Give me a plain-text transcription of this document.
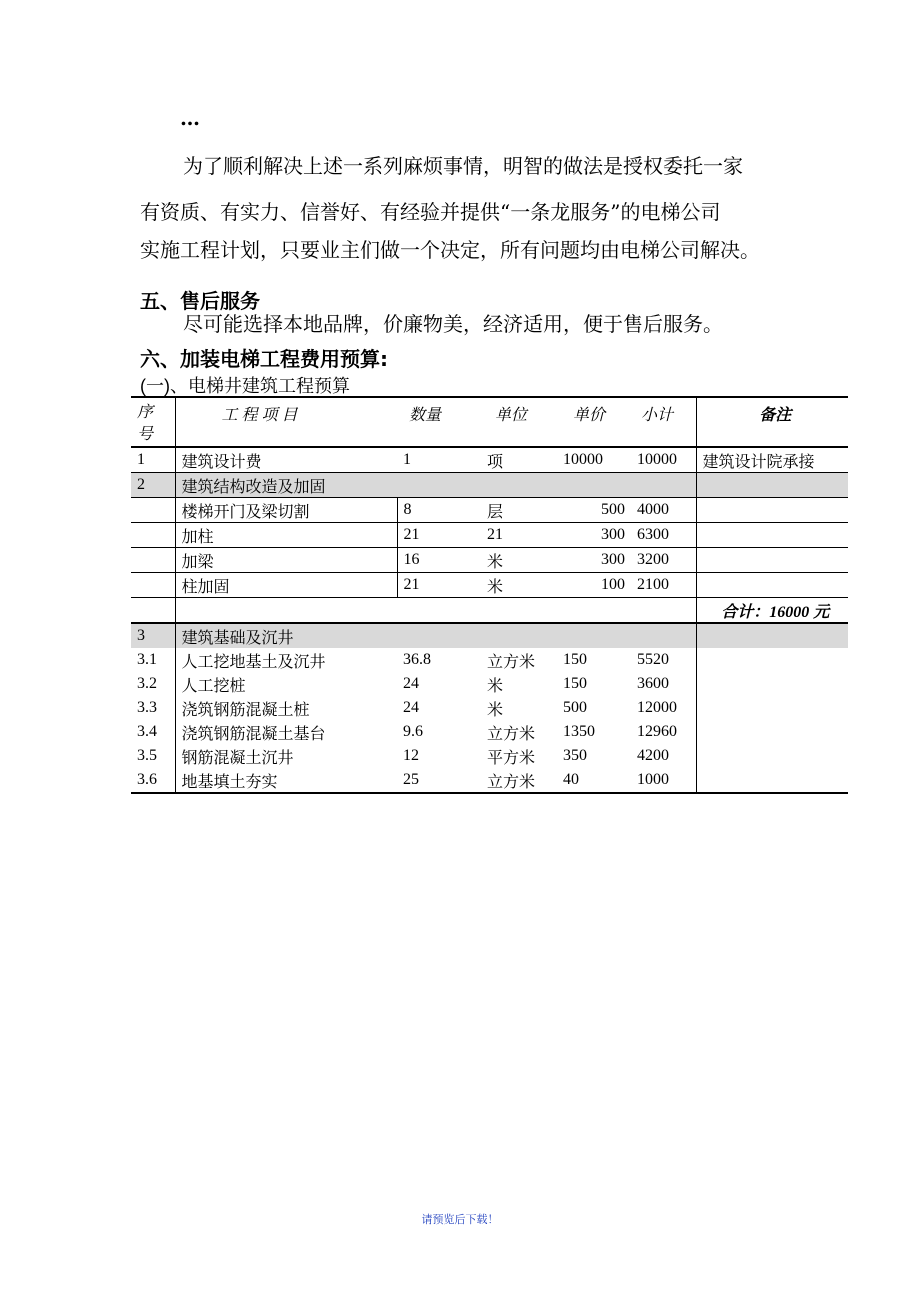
…
为了顺利解决上述一系列麻烦事情，明智的做法是授权委托一家
有资质、有实力、信誉好、有经验并提供“一条龙服务”的电梯公司
实施工程计划，只要业主们做一个决定，所有问题均由电梯公司解决。
五、售后服务
尽可能选择本地品牌，价廉物美，经济适用，便于售后服务。
六、加装电梯工程费用预算:
(一)、电梯井建筑工程预算
序
号	工 程 项 目	数量	单位	单价	小计	备注
1	建筑设计费	1	项	10000	10000	建筑设计院承接
2	建筑结构改造及加固					
	楼梯开门及梁切割	8	层	500	4000	
	加柱	21	21	300	6300	
	加梁	16	米	300	3200	
	柱加固	21	米	100	2100	
						合计：16000 元
3	建筑基础及沉井					
3.1	人工挖地基土及沉井	36.8	立方米	150	5520	
3.2	人工挖桩	24	米	150	3600	
3.3	浇筑钢筋混凝土桩	24	米	500	12000	
3.4	浇筑钢筋混凝土基台	9.6	立方米	1350	12960	
3.5	钢筋混凝土沉井	12	平方米	350	4200	
3.6	地基填土夯实	25	立方米	40	1000	
请预览后下载！
